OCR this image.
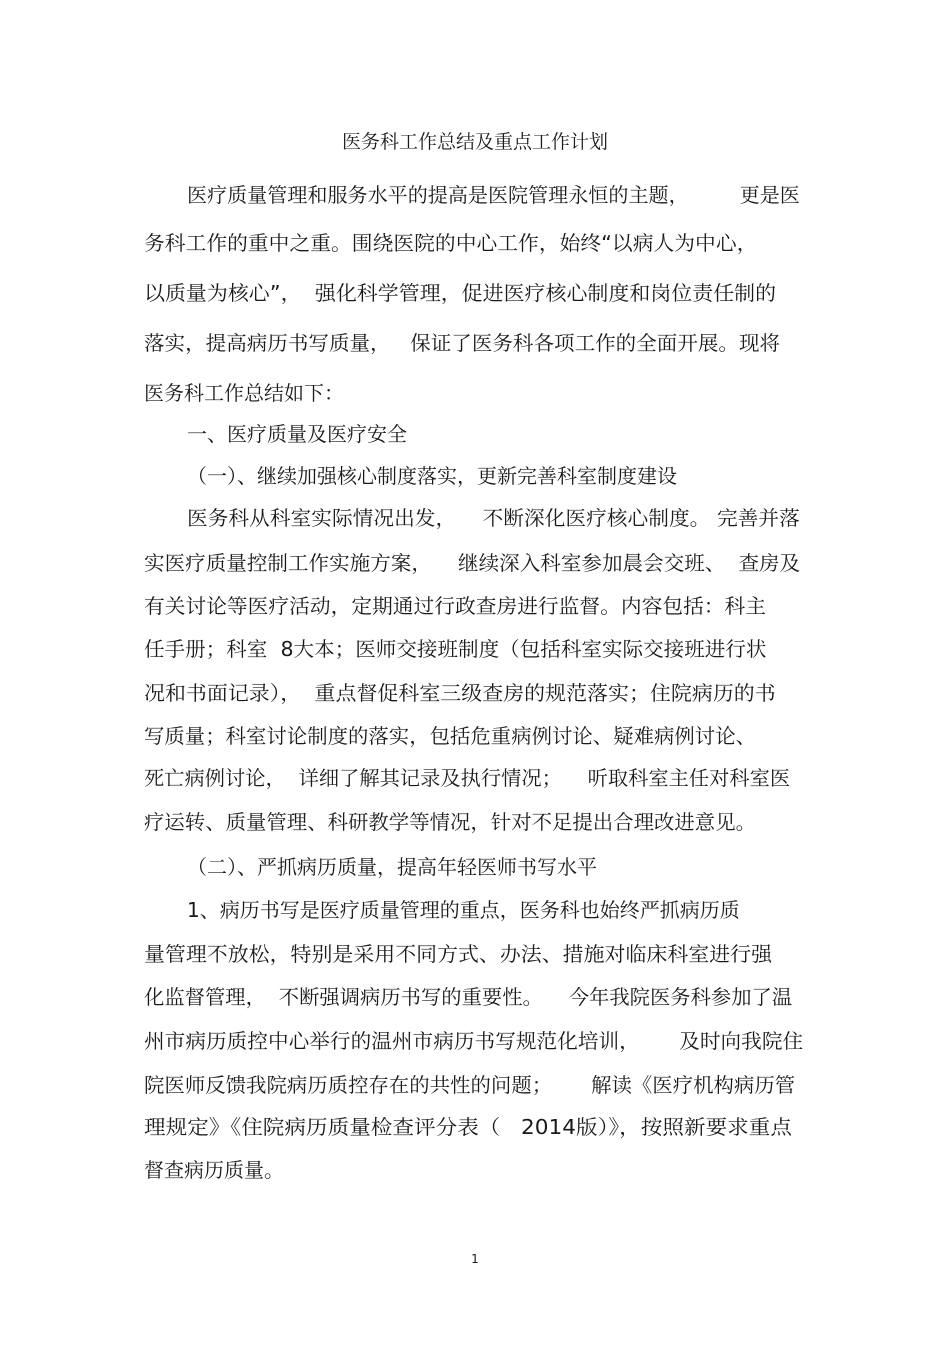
医务科工作总结及重点工作计划
医疗质量管理和服务水平的提高是医院管理永恒的主题，        更是医
务科工作的重中之重。围绕医院的中心工作，始终“以病人为中心，
以质量为核心”，  强化科学管理，促进医疗核心制度和岗位责任制的
落实，提高病历书写质量，   保证了医务科各项工作的全面开展。现将
医务科工作总结如下：
一、医疗质量及医疗安全
（一）、继续加强核心制度落实，更新完善科室制度建设
医务科从科室实际情况出发，    不断深化医疗核心制度。 完善并落
实医疗质量控制工作实施方案，    继续深入科室参加晨会交班、  查房及
有关讨论等医疗活动，定期通过行政查房进行监督。内容包括：科主
任手册；科室  8大本；医师交接班制度（包括科室实际交接班进行状
况和书面记录），  重点督促科室三级查房的规范落实；住院病历的书
写质量；科室讨论制度的落实，包括危重病例讨论、疑难病例讨论、
死亡病例讨论，  详细了解其记录及执行情况；    听取科室主任对科室医
疗运转、质量管理、科研教学等情况，针对不足提出合理改进意见。
（二）、严抓病历质量，提高年轻医师书写水平
1、病历书写是医疗质量管理的重点，医务科也始终严抓病历质
量管理不放松，特别是采用不同方式、办法、措施对临床科室进行强
化监督管理，  不断强调病历书写的重要性。    今年我院医务科参加了温
州市病历质控中心举行的温州市病历书写规范化培训，      及时向我院住
院医师反馈我院病历质控存在的共性的问题；      解读《医疗机构病历管
理规定》《住院病历质量检查评分表（   2014版）》，按照新要求重点
督查病历质量。
1
